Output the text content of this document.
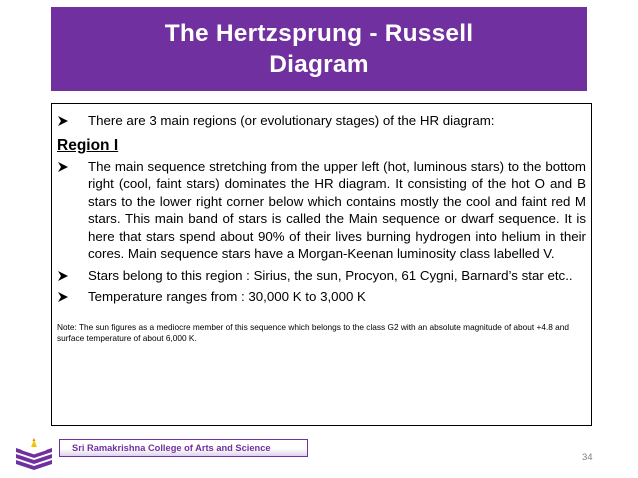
The Hertzsprung - Russell Diagram
There are 3 main regions (or evolutionary stages) of the HR diagram:
Region I
The main sequence stretching from the upper left (hot, luminous stars) to the bottom right (cool, faint stars) dominates the HR diagram. It consisting of the hot O and B stars to the lower right corner below which contains mostly the cool and faint red M stars. This main band of stars is called the Main sequence or dwarf sequence. It is here that stars spend about 90% of their lives burning hydrogen into helium in their cores. Main sequence stars have a Morgan-Keenan luminosity class labelled V.
Stars belong to this region : Sirius, the sun, Procyon, 61 Cygni, Barnard’s star etc..
Temperature ranges from : 30,000 K to 3,000 K
Note: The sun figures as a mediocre member of this sequence which belongs to the class G2 with an absolute magnitude of about +4.8 and surface temperature of about 6,000 K.
Sri Ramakrishna College of Arts and Science
34
